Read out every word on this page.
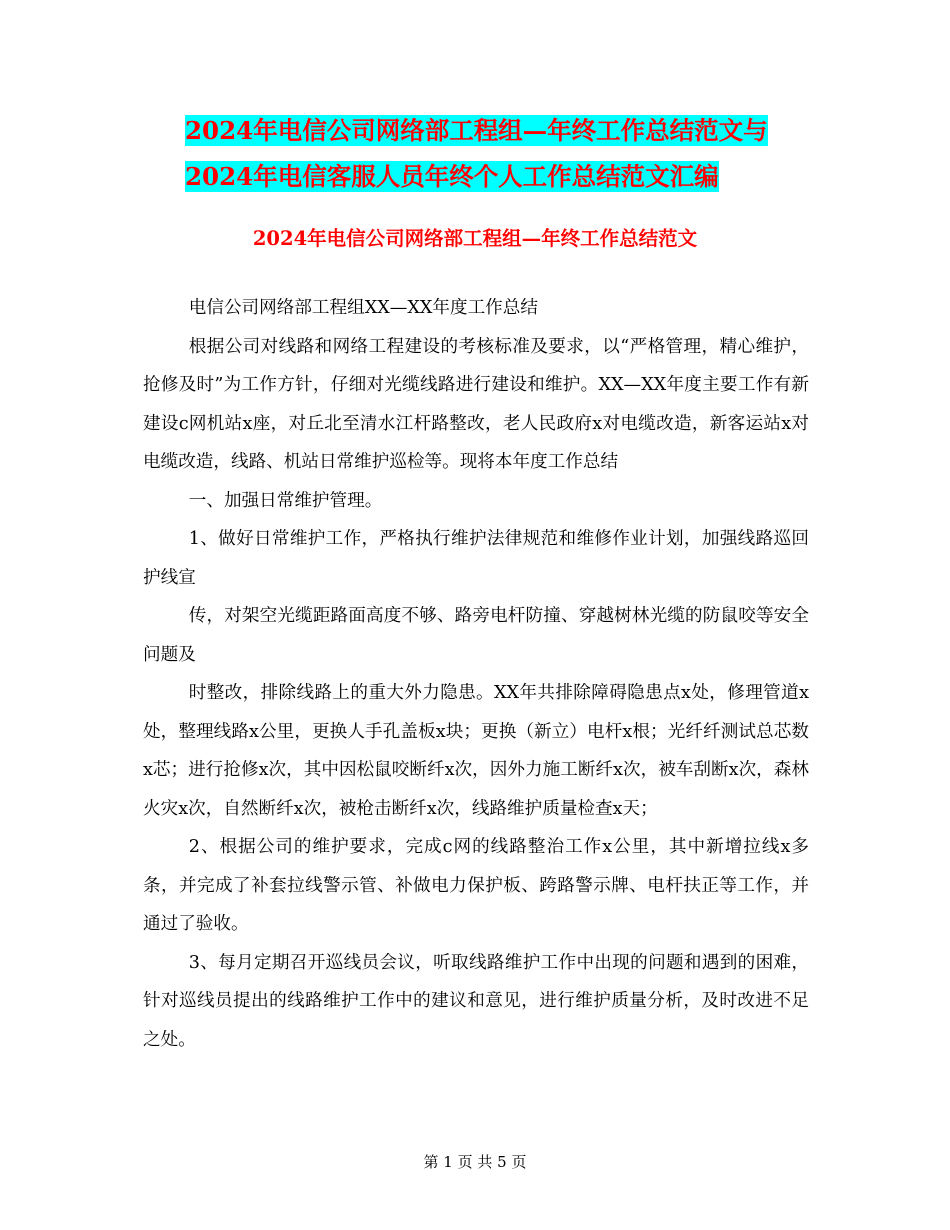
2024年电信公司网络部工程组—年终工作总结范文与
2024年电信客服人员年终个人工作总结范文汇编
2024年电信公司网络部工程组—年终工作总结范文

电信公司网络部工程组XX—XX年度工作总结

根据公司对线路和网络工程建设的考核标准及要求，以“严格管理，精心维护，抢修及时”为工作方针，仔细对光缆线路进行建设和维护。XX—XX年度主要工作有新建设c网机站x座，对丘北至清水江杆路整改，老人民政府x对电缆改造，新客运站x对电缆改造，线路、机站日常维护巡检等。现将本年度工作总结

一、加强日常维护管理。

1、做好日常维护工作，严格执行维护法律规范和维修作业计划，加强线路巡回护线宣

传，对架空光缆距路面高度不够、路旁电杆防撞、穿越树林光缆的防鼠咬等安全问题及

时整改，排除线路上的重大外力隐患。XX年共排除障碍隐患点x处，修理管道x处，整理线路x公里，更换人手孔盖板x块；更换（新立）电杆x根；光纤纤测试总芯数x芯；进行抢修x次，其中因松鼠咬断纤x次，因外力施工断纤x次，被车刮断x次，森林火灾x次，自然断纤x次，被枪击断纤x次，线路维护质量检查x天；

2、根据公司的维护要求，完成c网的线路整治工作x公里，其中新增拉线x多条，并完成了补套拉线警示管、补做电力保护板、跨路警示牌、电杆扶正等工作，并通过了验收。

3、每月定期召开巡线员会议，听取线路维护工作中出现的问题和遇到的困难，针对巡线员提出的线路维护工作中的建议和意见，进行维护质量分析，及时改进不足之处。

第 1 页 共 5 页
